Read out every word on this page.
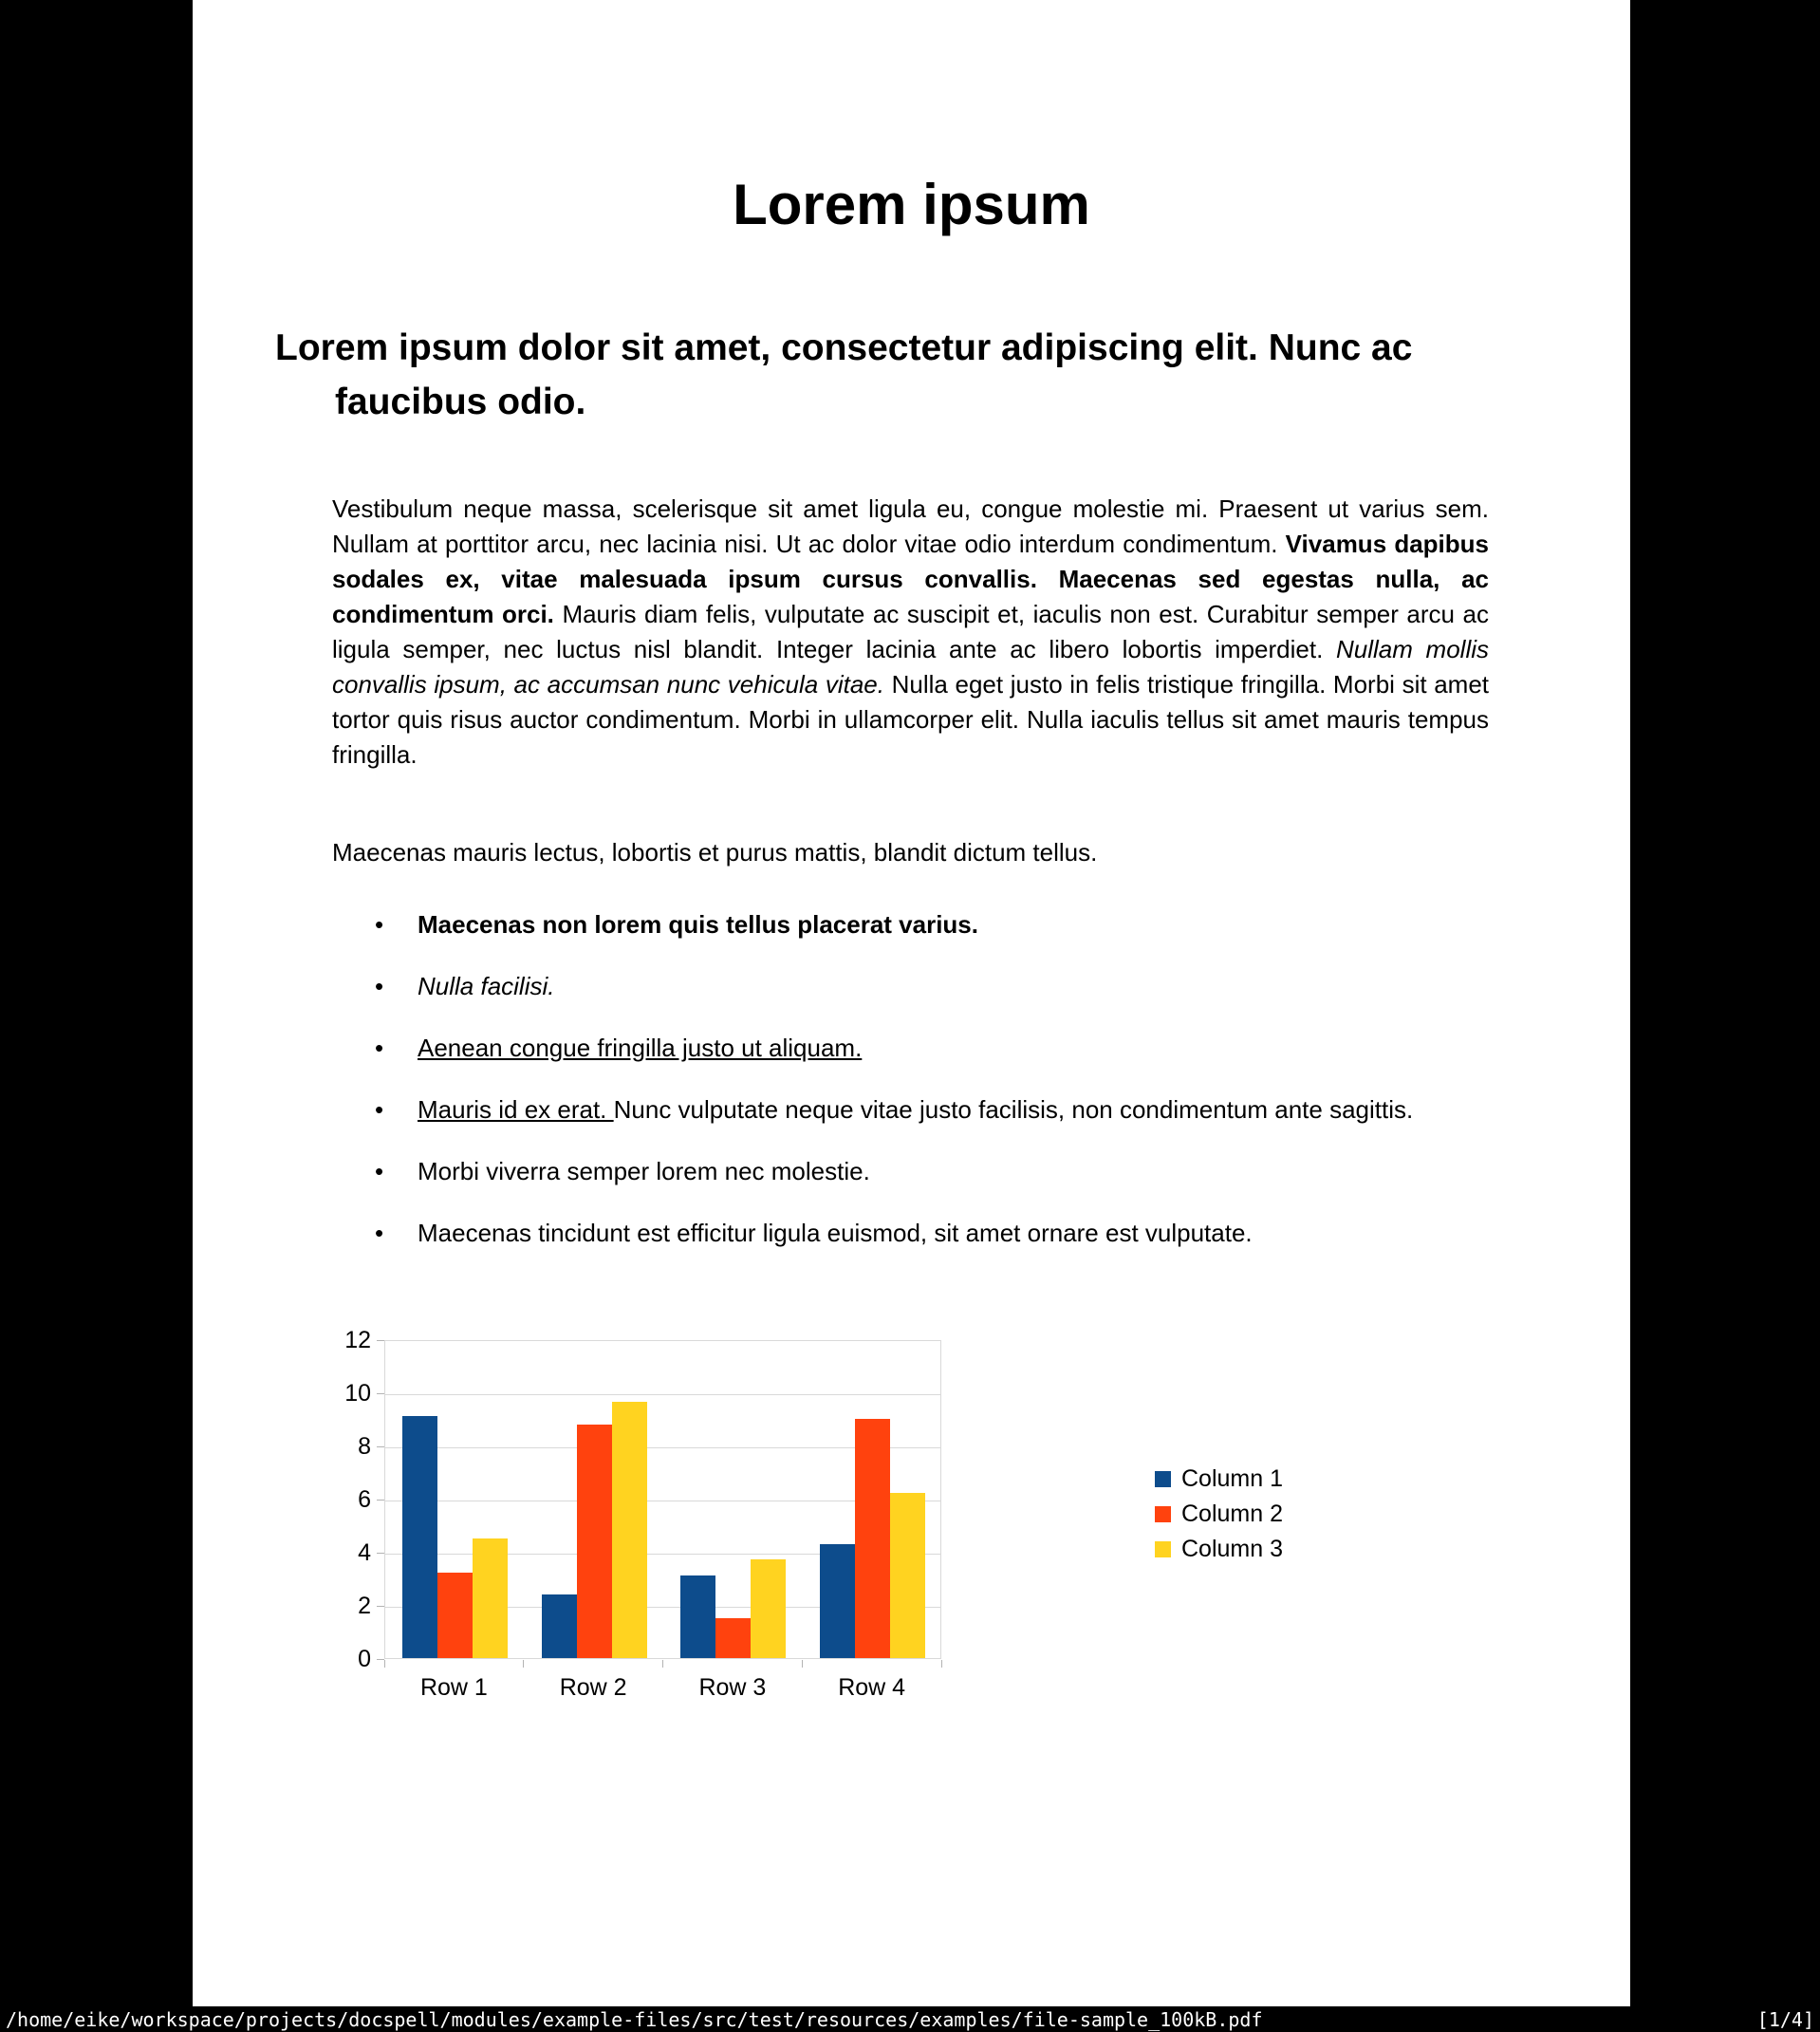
Lorem ipsum
Lorem ipsum dolor sit amet, consectetur adipiscing elit. Nunc ac faucibus odio.

Vestibulum neque massa, scelerisque sit amet ligula eu, congue molestie mi. Praesent ut varius sem. Nullam at porttitor arcu, nec lacinia nisi. Ut ac dolor vitae odio interdum condimentum. Vivamus dapibus sodales ex, vitae malesuada ipsum cursus convallis. Maecenas sed egestas nulla, ac condimentum orci. Mauris diam felis, vulputate ac suscipit et, iaculis non est. Curabitur semper arcu ac ligula semper, nec luctus nisl blandit. Integer lacinia ante ac libero lobortis imperdiet. Nullam mollis convallis ipsum, ac accumsan nunc vehicula vitae. Nulla eget justo in felis tristique fringilla. Morbi sit amet tortor quis risus auctor condimentum. Morbi in ullamcorper elit. Nulla iaculis tellus sit amet mauris tempus fringilla.

Maecenas mauris lectus, lobortis et purus mattis, blandit dictum tellus.

•	Maecenas non lorem quis tellus placerat varius.
•	Nulla facilisi.
•	Aenean congue fringilla justo ut aliquam.
•	Mauris id ex erat. Nunc vulputate neque vitae justo facilisis, non condimentum ante sagittis.
•	Morbi viverra semper lorem nec molestie.
•	Maecenas tincidunt est efficitur ligula euismod, sit amet ornare est vulputate.
0
2
4
6
8
10
12
Row 1	Row 2	Row 3	Row 4
Column 1
Column 2
Column 3
/home/eike/workspace/projects/docspell/modules/example-files/src/test/resources/examples/file-sample_100kB.pdf	[1/4]
